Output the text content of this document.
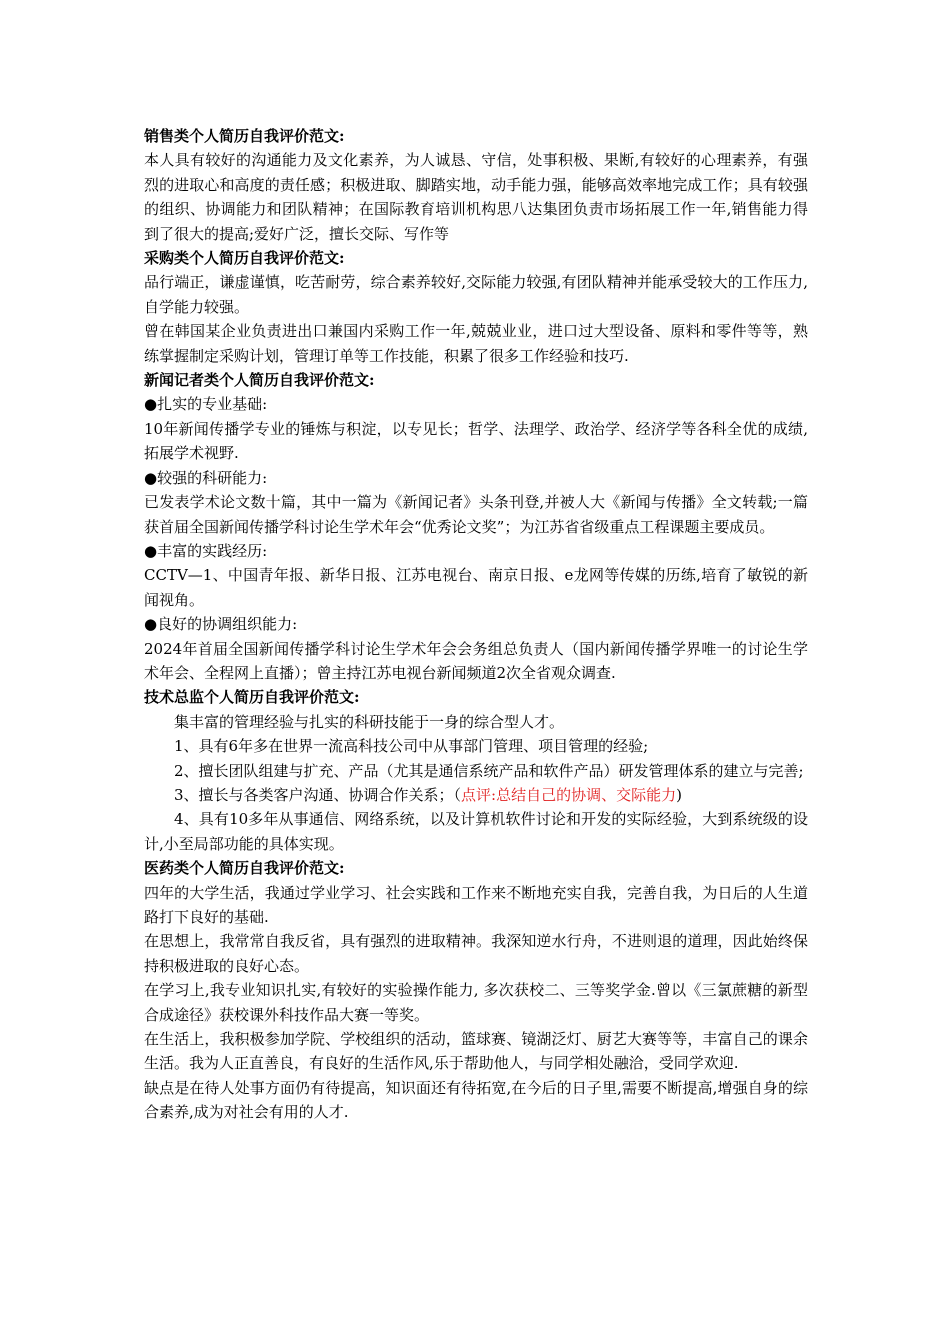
销售类个人简历自我评价范文:

本人具有较好的沟通能力及文化素养，为人诚恳、守信，处事积极、果断,有较好的心理素养，有强烈的进取心和高度的责任感；积极进取、脚踏实地，动手能力强，能够高效率地完成工作；具有较强的组织、协调能力和团队精神；在国际教育培训机构思八达集团负责市场拓展工作一年,销售能力得到了很大的提高;爱好广泛，擅长交际、写作等

采购类个人简历自我评价范文:

品行端正，谦虚谨慎，吃苦耐劳，综合素养较好,交际能力较强,有团队精神并能承受较大的工作压力,自学能力较强。

曾在韩国某企业负责进出口兼国内采购工作一年,兢兢业业，进口过大型设备、原料和零件等等，熟练掌握制定采购计划，管理订单等工作技能，积累了很多工作经验和技巧.

新闻记者类个人简历自我评价范文:

●扎实的专业基础:

10年新闻传播学专业的锤炼与积淀，以专见长；哲学、法理学、政治学、经济学等各科全优的成绩,拓展学术视野.

●较强的科研能力:

已发表学术论文数十篇，其中一篇为《新闻记者》头条刊登,并被人大《新闻与传播》全文转载;一篇获首届全国新闻传播学科讨论生学术年会“优秀论文奖”；为江苏省省级重点工程课题主要成员。

●丰富的实践经历:

CCTV—1、中国青年报、新华日报、江苏电视台、南京日报、e龙网等传媒的历练,培育了敏锐的新闻视角。

●良好的协调组织能力:

2024年首届全国新闻传播学科讨论生学术年会会务组总负责人（国内新闻传播学界唯一的讨论生学术年会、全程网上直播）；曾主持江苏电视台新闻频道2次全省观众调查.

技术总监个人简历自我评价范文:

集丰富的管理经验与扎实的科研技能于一身的综合型人才。

1、具有6年多在世界一流高科技公司中从事部门管理、项目管理的经验;

2、擅长团队组建与扩充、产品（尤其是通信系统产品和软件产品）研发管理体系的建立与完善;

3、擅长与各类客户沟通、协调合作关系；（点评:总结自己的协调、交际能力)

4、具有10多年从事通信、网络系统，以及计算机软件讨论和开发的实际经验，大到系统级的设计,小至局部功能的具体实现。

医药类个人简历自我评价范文:

四年的大学生活，我通过学业学习、社会实践和工作来不断地充实自我，完善自我，为日后的人生道路打下良好的基础.

在思想上，我常常自我反省，具有强烈的进取精神。我深知逆水行舟，不进则退的道理，因此始终保持积极进取的良好心态。

在学习上,我专业知识扎实,有较好的实验操作能力, 多次获校二、三等奖学金.曾以《三氯蔗糖的新型合成途径》获校课外科技作品大赛一等奖。

在生活上，我积极参加学院、学校组织的活动，篮球赛、镜湖泛灯、厨艺大赛等等，丰富自己的课余生活。我为人正直善良，有良好的生活作风,乐于帮助他人，与同学相处融洽，受同学欢迎.

缺点是在待人处事方面仍有待提高，知识面还有待拓宽,在今后的日子里,需要不断提高,增强自身的综合素养,成为对社会有用的人才.
